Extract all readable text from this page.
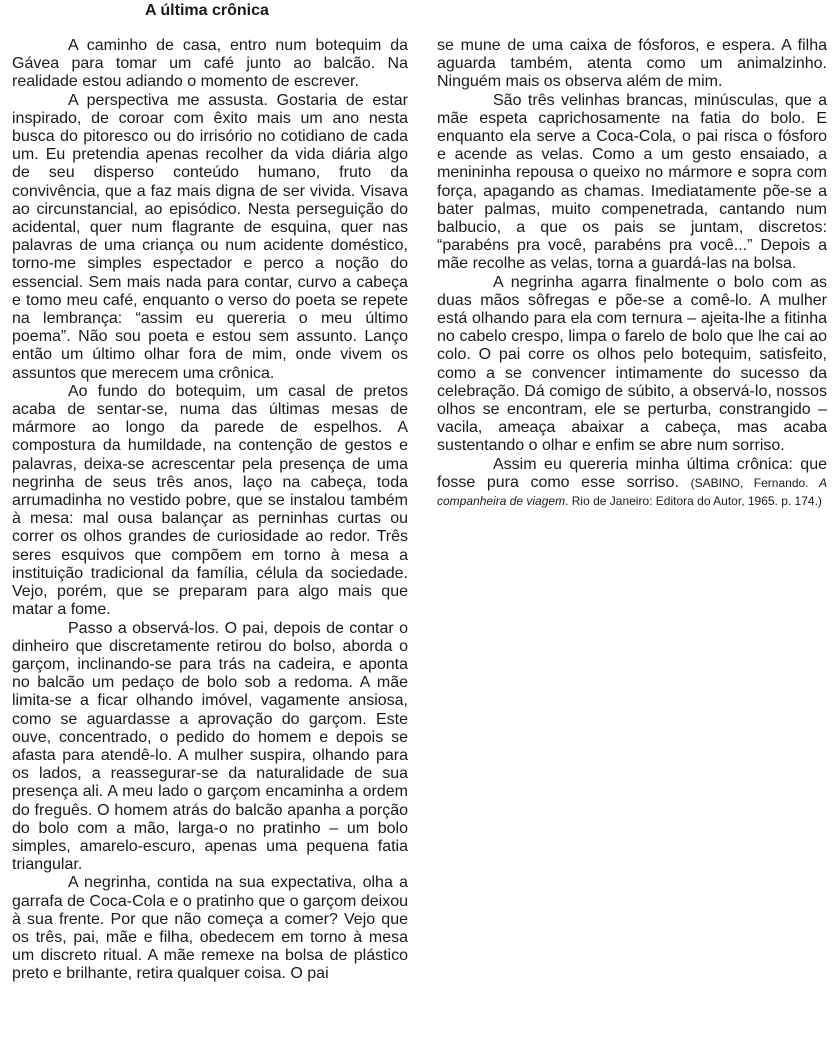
A última crônica

A caminho de casa, entro num botequim da Gávea para tomar um café junto ao balcão. Na realidade estou adiando o momento de escrever.

A perspectiva me assusta. Gostaria de estar inspirado, de coroar com êxito mais um ano nesta busca do pitoresco ou do irrisório no cotidiano de cada um. Eu pretendia apenas recolher da vida diária algo de seu disperso conteúdo humano, fruto da convivência, que a faz mais digna de ser vivida. Visava ao circunstancial, ao episódico. Nesta perseguição do acidental, quer num flagrante de esquina, quer nas palavras de uma criança ou num acidente doméstico, torno-me simples espectador e perco a noção do essencial. Sem mais nada para contar, curvo a cabeça e tomo meu café, enquanto o verso do poeta se repete na lembrança: “assim eu quereria o meu último poema”. Não sou poeta e estou sem assunto. Lanço então um último olhar fora de mim, onde vivem os assuntos que merecem uma crônica.

Ao fundo do botequim, um casal de pretos acaba de sentar-se, numa das últimas mesas de mármore ao longo da parede de espelhos. A compostura da humildade, na contenção de gestos e palavras, deixa-se acrescentar pela presença de uma negrinha de seus três anos, laço na cabeça, toda arrumadinha no vestido pobre, que se instalou também à mesa: mal ousa balançar as perninhas curtas ou correr os olhos grandes de curiosidade ao redor. Três seres esquivos que compõem em torno à mesa a instituição tradicional da família, célula da sociedade. Vejo, porém, que se preparam para algo mais que matar a fome.

Passo a observá-los. O pai, depois de contar o dinheiro que discretamente retirou do bolso, aborda o garçom, inclinando-se para trás na cadeira, e aponta no balcão um pedaço de bolo sob a redoma. A mãe limita-se a ficar olhando imóvel, vagamente ansiosa, como se aguardasse a aprovação do garçom. Este ouve, concentrado, o pedido do homem e depois se afasta para atendê-lo. A mulher suspira, olhando para os lados, a reassegurar-se da naturalidade de sua presença ali. A meu lado o garçom encaminha a ordem do freguês. O homem atrás do balcão apanha a porção do bolo com a mão, larga-o no pratinho – um bolo simples, amarelo-escuro, apenas uma pequena fatia triangular.

A negrinha, contida na sua expectativa, olha a garrafa de Coca-Cola e o pratinho que o garçom deixou à sua frente. Por que não começa a comer? Vejo que os três, pai, mãe e filha, obedecem em torno à mesa um discreto ritual. A mãe remexe na bolsa de plástico preto e brilhante, retira qualquer coisa. O pai

se mune de uma caixa de fósforos, e espera. A filha aguarda também, atenta como um animalzinho. Ninguém mais os observa além de mim.

São três velinhas brancas, minúsculas, que a mãe espeta caprichosamente na fatia do bolo. E enquanto ela serve a Coca-Cola, o pai risca o fósforo e acende as velas. Como a um gesto ensaiado, a menininha repousa o queixo no mármore e sopra com força, apagando as chamas. Imediatamente põe-se a bater palmas, muito compenetrada, cantando num balbucio, a que os pais se juntam, discretos: “parabéns pra você, parabéns pra você...” Depois a mãe recolhe as velas, torna a guardá-las na bolsa.

A negrinha agarra finalmente o bolo com as duas mãos sôfregas e põe-se a comê-lo. A mulher está olhando para ela com ternura – ajeita-lhe a fitinha no cabelo crespo, limpa o farelo de bolo que lhe cai ao colo. O pai corre os olhos pelo botequim, satisfeito, como a se convencer intimamente do sucesso da celebração. Dá comigo de súbito, a observá-lo, nossos olhos se encontram, ele se perturba, constrangido – vacila, ameaça abaixar a cabeça, mas acaba sustentando o olhar e enfim se abre num sorriso.

Assim eu quereria minha última crônica: que fosse pura como esse sorriso. (SABINO, Fernando. A companheira de viagem. Rio de Janeiro: Editora do Autor, 1965. p. 174.)
